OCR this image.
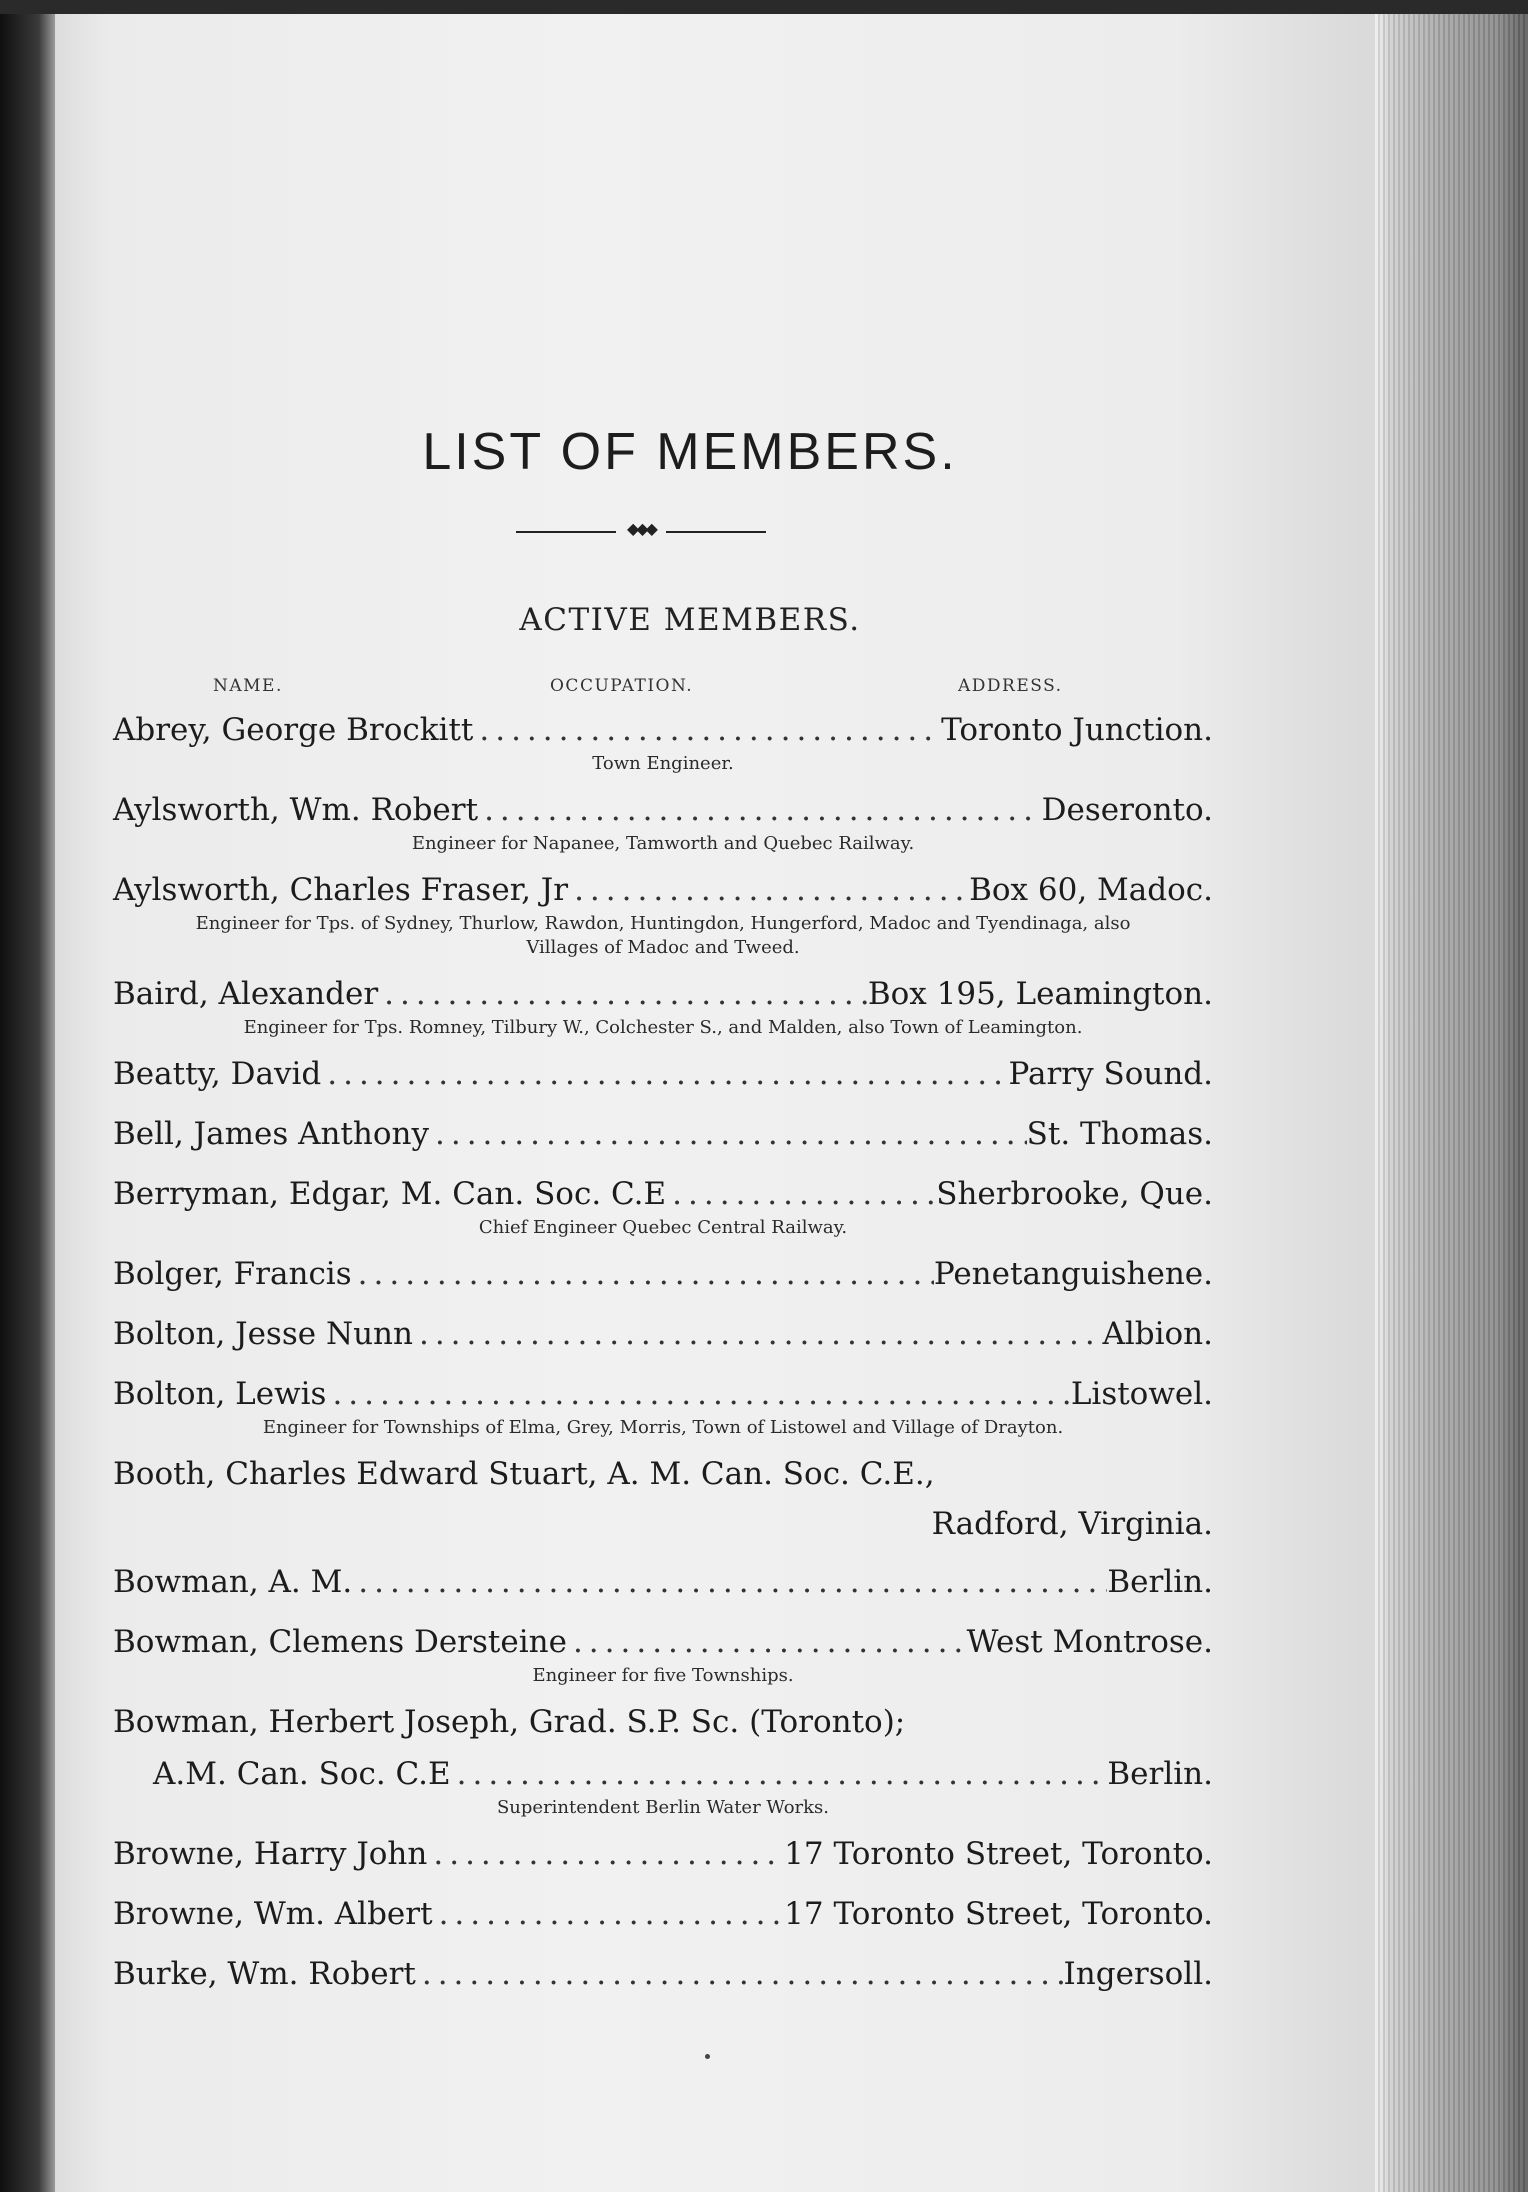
LIST OF MEMBERS.
◆◆◆
ACTIVE MEMBERS.
NAME.	OCCUPATION.	ADDRESS.
Abrey, George Brockitt .....	Toronto Junction.
Town Engineer.
Aylsworth, Wm. Robert .....	Deseronto.
Engineer for Napanee, Tamworth and Quebec Railway.
Aylsworth, Charles Fraser, Jr .....	Box 60, Madoc.
Engineer for Tps. of Sydney, Thurlow, Rawdon, Huntingdon, Hungerford, Madoc and Tyendinaga, also Villages of Madoc and Tweed.
Baird, Alexander .....	Box 195, Leamington.
Engineer for Tps. Romney, Tilbury W., Colchester S., and Malden, also Town of Leamington.
Beatty, David .....	Parry Sound.
Bell, James Anthony .....	St. Thomas.
Berryman, Edgar, M. Can. Soc. C.E .....	Sherbrooke, Que.
Chief Engineer Quebec Central Railway.
Bolger, Francis .....	Penetanguishene.
Bolton, Jesse Nunn .....	Albion.
Bolton, Lewis .....	Listowel.
Engineer for Townships of Elma, Grey, Morris, Town of Listowel and Village of Drayton.
Booth, Charles Edward Stuart, A. M. Can. Soc. C.E.,
Radford, Virginia.
Bowman, A. M. .....	Berlin.
Bowman, Clemens Dersteine .....	West Montrose.
Engineer for five Townships.
Bowman, Herbert Joseph, Grad. S.P. Sc. (Toronto);
A.M. Can. Soc. C.E .....	Berlin.
Superintendent Berlin Water Works.
Browne, Harry John .....	17 Toronto Street, Toronto.
Browne, Wm. Albert .....	17 Toronto Street, Toronto.
Burke, Wm. Robert .....	Ingersoll.
